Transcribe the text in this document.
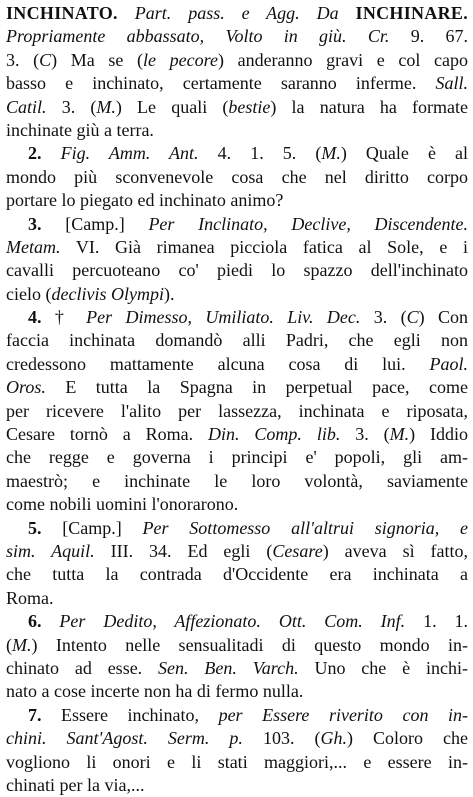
INCHINATO. Part. pass. e Agg. Da INCHINARE.
Propriamente abbassato, Volto in giù. Cr. 9. 67.
3. (C) Ma se (le pecore) anderanno gravi e col capo
basso e inchinato, certamente saranno inferme. Sall.
Catil. 3. (M.) Le quali (bestie) la natura ha formate
inchinate giù a terra.
2. Fig. Amm. Ant. 4. 1. 5. (M.) Quale è al
mondo più sconvenevole cosa che nel diritto corpo
portare lo piegato ed inchinato animo?
3. [Camp.] Per Inclinato, Declive, Discendente.
Metam. VI. Già rimanea picciola fatica al Sole, e i
cavalli percuoteano co' piedi lo spazzo dell'inchinato
cielo (declivis Olympi).
4. † Per Dimesso, Umiliato. Liv. Dec. 3. (C) Con
faccia inchinata domandò alli Padri, che egli non
credessono mattamente alcuna cosa di lui. Paol.
Oros. E tutta la Spagna in perpetual pace, come
per ricevere l'alito per lassezza, inchinata e riposata,
Cesare tornò a Roma. Din. Comp. lib. 3. (M.) Iddio
che regge e governa i principi e' popoli, gli am-
maestrò; e inchinate le loro volontà, saviamente
come nobili uomini l'onorarono.
5. [Camp.] Per Sottomesso all'altrui signoria, e
sim. Aquil. III. 34. Ed egli (Cesare) aveva sì fatto,
che tutta la contrada d'Occidente era inchinata a
Roma.
6. Per Dedito, Affezionato. Ott. Com. Inf. 1. 1.
(M.) Intento nelle sensualitadi di questo mondo in-
chinato ad esse. Sen. Ben. Varch. Uno che è inchi-
nato a cose incerte non ha di fermo nulla.
7. Essere inchinato, per Essere riverito con in-
chini. Sant'Agost. Serm. p. 103. (Gh.) Coloro che
vogliono li onori e li stati maggiori,... e essere in-
chinati per la via,...
